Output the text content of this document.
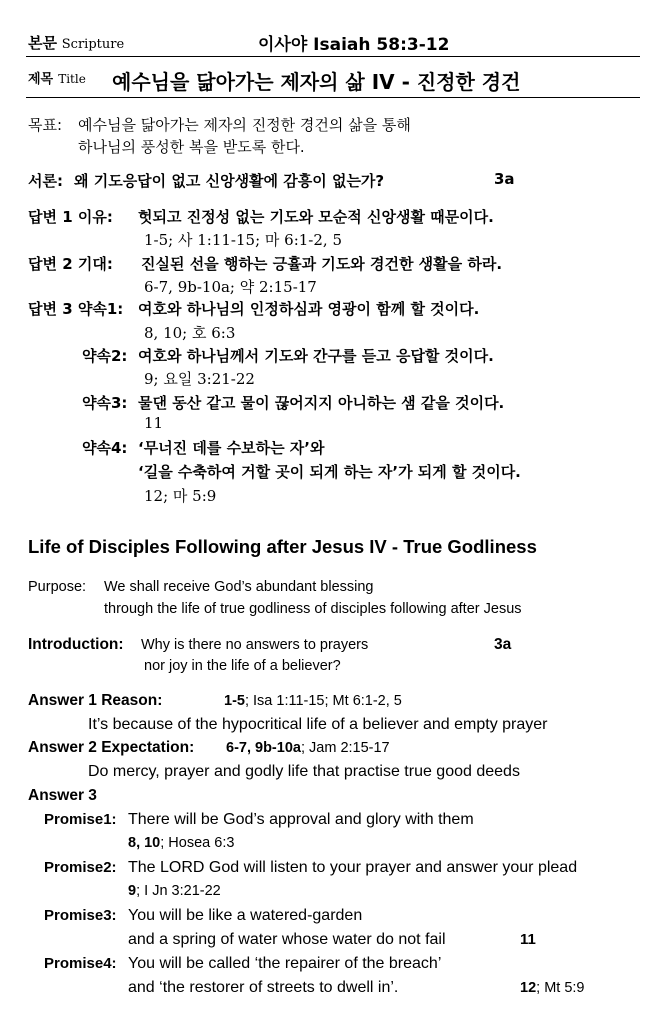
본문 Scripture	이사야 Isaiah 58:3-12
제목 Title 예수님을 닮아가는 제자의 삶 IV - 진정한 경건
목표: 예수님을 닮아가는 제자의 진정한 경건의 삶을 통해
하나님의 풍성한 복을 받도록 한다.
서론: 왜 기도응답이 없고 신앙생활에 감흥이 없는가?	3a
답변 1 이유: 헛되고 진정성 없는 기도와 모순적 신앙생활 때문이다.
1-5; 사 1:11-15; 마 6:1-2, 5
답변 2 기대: 진실된 선을 행하는 긍휼과 기도와 경건한 생활을 하라.
6-7, 9b-10a; 약 2:15-17
답변 3 약속1: 여호와 하나님의 인정하심과 영광이 함께 할 것이다.
8, 10; 호 6:3
약속2: 여호와 하나님께서 기도와 간구를 듣고 응답할 것이다.
9; 요일 3:21-22
약속3: 물댄 동산 같고 물이 끊어지지 아니하는 샘 같을 것이다.
11
약속4: ‘무너진 데를 수보하는 자’와
‘길을 수축하여 거할 곳이 되게 하는 자’가 되게 할 것이다.
12; 마 5:9
Life of Disciples Following after Jesus IV - True Godliness
Purpose: We shall receive God’s abundant blessing
through the life of true godliness of disciples following after Jesus
Introduction: Why is there no answers to prayers
nor joy in the life of a believer?
3a
Answer 1 Reason:	1-5; Isa 1:11-15; Mt 6:1-2, 5
It’s because of the hypocritical life of a believer and empty prayer
Answer 2 Expectation: 6-7, 9b-10a; Jam 2:15-17
Do mercy, prayer and godly life that practise true good deeds
Answer 3
Promise1: There will be God’s approval and glory with them
8, 10; Hosea 6:3
Promise2: The LORD God will listen to your prayer and answer your plead
9; I Jn 3:21-22
Promise3: You will be like a watered-garden
and a spring of water whose water do not fail	11
Promise4: You will be called ‘the repairer of the breach’
and ‘the restorer of streets to dwell in’.	12; Mt 5:9
